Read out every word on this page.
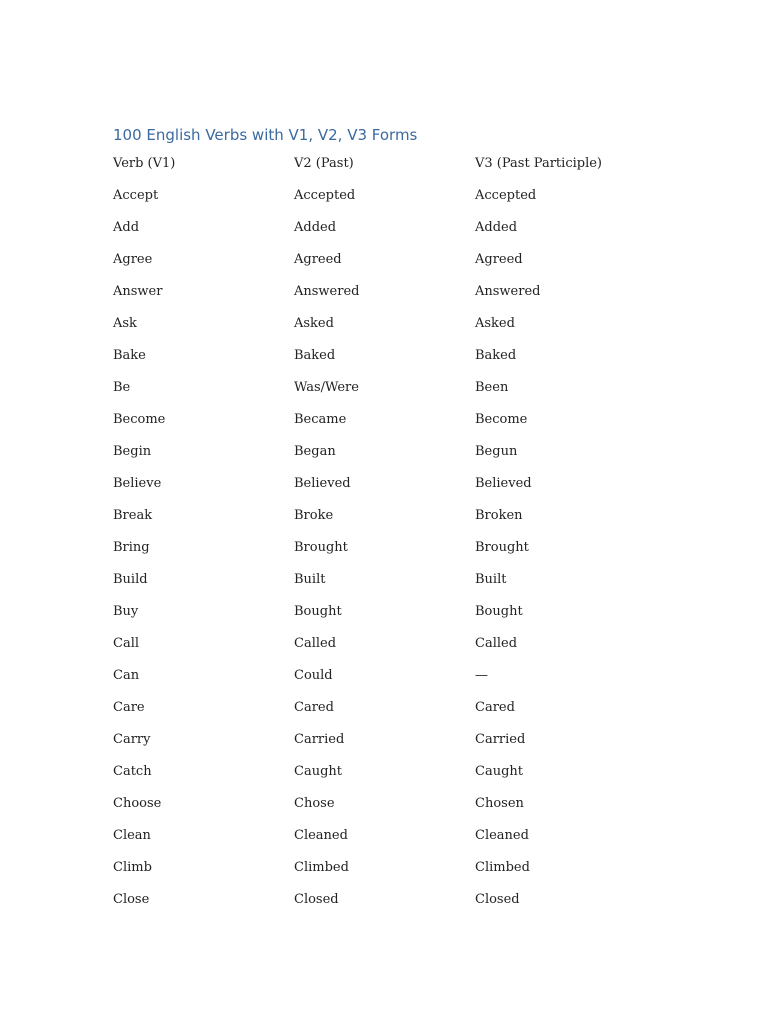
100 English Verbs with V1, V2, V3 Forms
Verb (V1)	V2 (Past)	V3 (Past Participle)
Accept	Accepted	Accepted
Add	Added	Added
Agree	Agreed	Agreed
Answer	Answered	Answered
Ask	Asked	Asked
Bake	Baked	Baked
Be	Was/Were	Been
Become	Became	Become
Begin	Began	Begun
Believe	Believed	Believed
Break	Broke	Broken
Bring	Brought	Brought
Build	Built	Built
Buy	Bought	Bought
Call	Called	Called
Can	Could	—
Care	Cared	Cared
Carry	Carried	Carried
Catch	Caught	Caught
Choose	Chose	Chosen
Clean	Cleaned	Cleaned
Climb	Climbed	Climbed
Close	Closed	Closed
